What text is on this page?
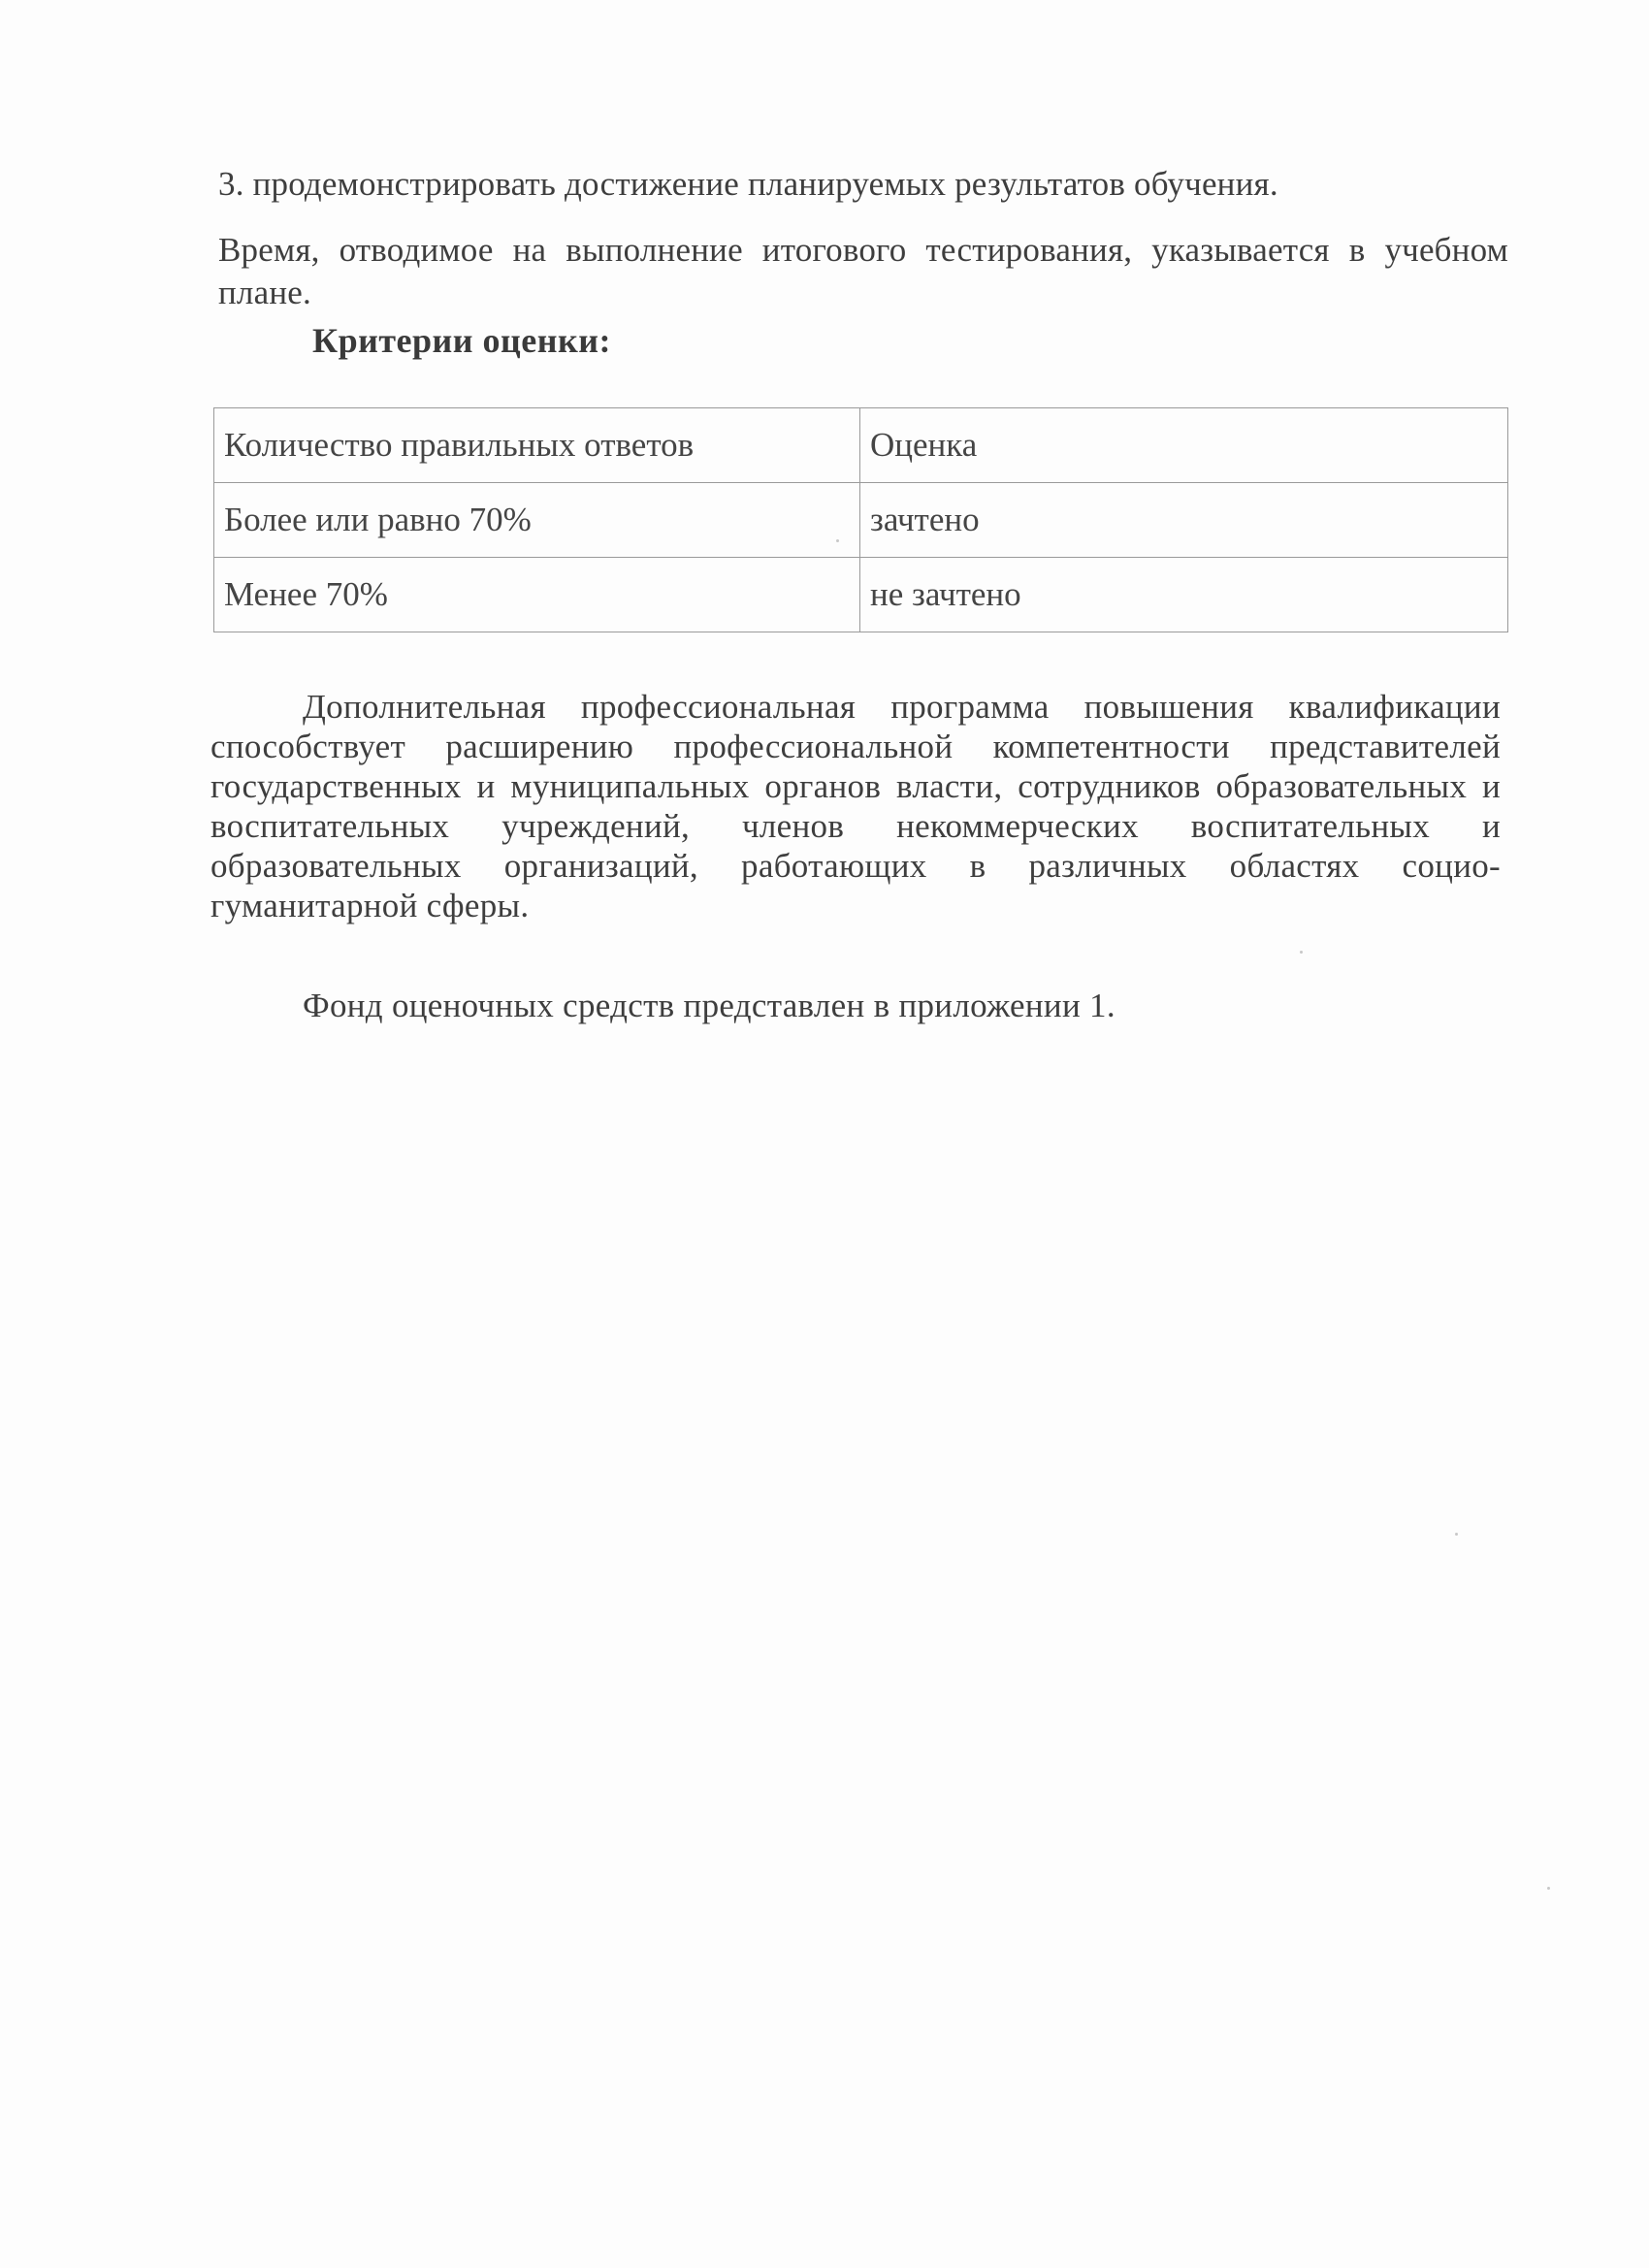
3. продемонстрировать достижение планируемых результатов обучения.
Время, отводимое на выполнение итогового тестирования, указывается в учебном плане.
Критерии оценки:
Количество правильных ответов	Оценка
Более или равно 70%	зачтено
Менее 70%	не зачтено
Дополнительная профессиональная программа повышения квалификации способствует расширению профессиональной компетентности представителей государственных и муниципальных органов власти, сотрудников образовательных и воспитательных учреждений, членов некоммерческих воспитательных и образовательных организаций, работающих в различных областях социо-гуманитарной сферы.
Фонд оценочных средств представлен в приложении 1.
